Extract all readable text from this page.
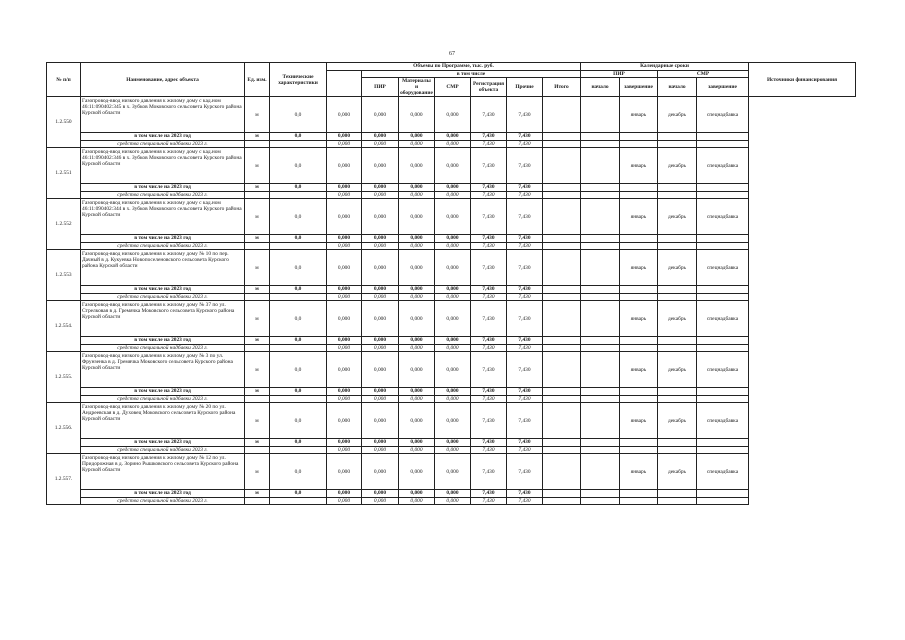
67
№ п/п	Наименование, адрес объекта	Ед. изм.	Технические характеристики	Объемы по Программе, тыс. руб.							Календарные сроки				Источники финансирования
					в том числе						ПИР		СМР		
					ПИР	Материалы и оборудование	СМР	Регистрация объекта	Прочие	Итого	начало	завершение	начало	завершение	
1.2.550	Газопровод-ввод низкого давления к жилому дому с кад.ном 46:11:090402:345 в х. Зубков Моковского сельсовета Курского района Курской области	м	0,0	0,000	0,000	0,000	0,000	7,430	7,430			январь	декабрь	спецнадбавка	
	в том числе на 2023 год	м	0,0	0,000	0,000	0,000	0,000	7,430	7,430						
	средства специальной надбавки 2023 г.			0,000	0,000	0,000	0,000	7,430	7,430						
1.2.551	Газопровод-ввод низкого давления к жилому дому с кад.ном 46:11:090402:346 в х. Зубков Моковского сельсовета Курского района Курской области	м	0,0	0,000	0,000	0,000	0,000	7,430	7,430			январь	декабрь	спецнадбавка	
	в том числе на 2023 год	м	0,0	0,000	0,000	0,000	0,000	7,430	7,430						
	средства специальной надбавки 2023 г.			0,000	0,000	0,000	0,000	7,430	7,430						
1.2.552	Газопровод-ввод низкого давления к жилому дому с кад.ном 46:11:090402:344 в х. Зубков Моковского сельсовета Курского района Курской области	м	0,0	0,000	0,000	0,000	0,000	7,430	7,430			январь	декабрь	спецнадбавка	
	в том числе на 2023 год	м	0,0	0,000	0,000	0,000	0,000	7,430	7,430						
	средства специальной надбавки 2023 г.			0,000	0,000	0,000	0,000	7,430	7,430						
1.2.553	Газопровод-ввод низкого давления к жилому дому № 10 по пер. Дачный в д. Кукуевка Новопоселеновского сельсовета Курского района Курской области	м	0,0	0,000	0,000	0,000	0,000	7,430	7,430			январь	декабрь	спецнадбавка	
	в том числе на 2023 год	м	0,0	0,000	0,000	0,000	0,000	7,430	7,430						
	средства специальной надбавки 2023 г.			0,000	0,000	0,000	0,000	7,430	7,430						
1.2.554.	Газопровод-ввод низкого давления к жилому дому № 37 по ул. Стрелковая в д. Гремячка Моковского сельсовета Курского района Курской области	м	0,0	0,000	0,000	0,000	0,000	7,430	7,430			январь	декабрь	спецнадбавка	
	в том числе на 2023 год	м	0,0	0,000	0,000	0,000	0,000	7,430	7,430						
	средства специальной надбавки 2023 г.			0,000	0,000	0,000	0,000	7,430	7,430						
1.2.555.	Газопровод-ввод низкого давления к жилому дому № 3 по ул. Фрунзенка в д. Гремячка Моковского сельсовета Курского района Курской области	м	0,0	0,000	0,000	0,000	0,000	7,430	7,430			январь	декабрь	спецнадбавка	
	в том числе на 2023 год	м	0,0	0,000	0,000	0,000	0,000	7,430	7,430						
	средства специальной надбавки 2023 г.			0,000	0,000	0,000	0,000	7,430	7,430						
1.2.556.	Газопровод-ввод низкого давления к жилому дому № 20 по ул. Андреевская в д. Духовец Моковского сельсовета Курского района Курской области	м	0,0	0,000	0,000	0,000	0,000	7,430	7,430			январь	декабрь	спецнадбавка	
	в том числе на 2023 год	м	0,0	0,000	0,000	0,000	0,000	7,430	7,430						
	средства специальной надбавки 2023 г.			0,000	0,000	0,000	0,000	7,430	7,430						
1.2.557.	Газопровод-ввод низкого давления к жилому дому № 12 по ул. Придорожная в д. Зорино Рышковского сельсовета Курского района Курской области	м	0,0	0,000	0,000	0,000	0,000	7,430	7,430			январь	декабрь	спецнадбавка	
	в том числе на 2023 год	м	0,0	0,000	0,000	0,000	0,000	7,430	7,430						
	средства специальной надбавки 2023 г.			0,000	0,000	0,000	0,000	7,430	7,430						
